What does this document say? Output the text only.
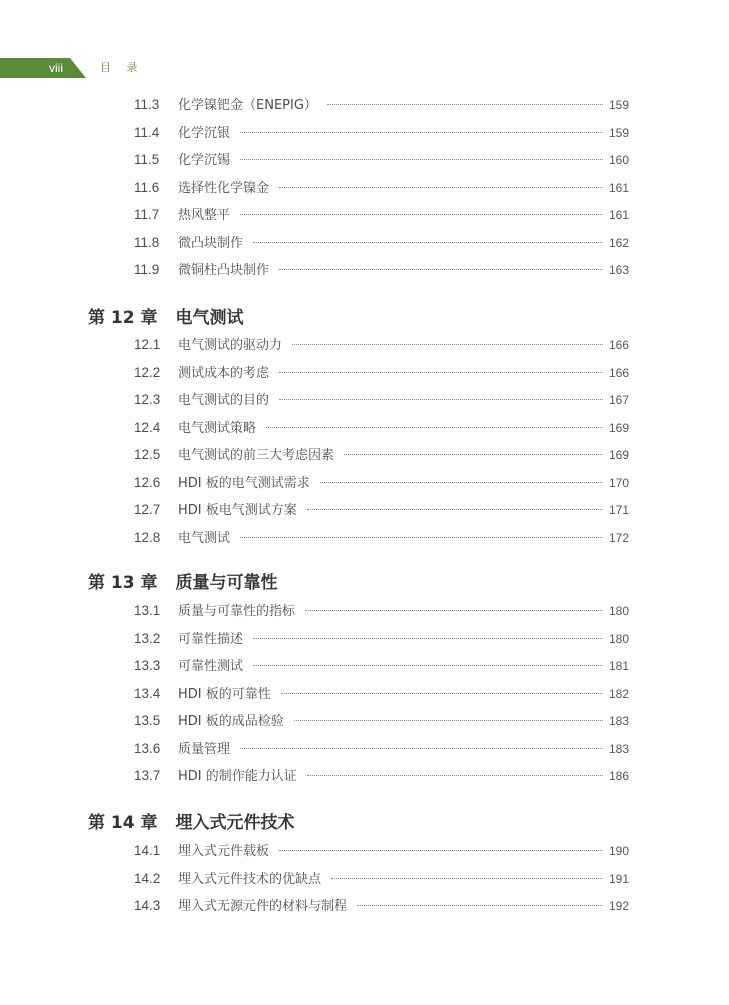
viii	目 录
11.3	化学镍钯金（ENEPIG）	159
11.4	化学沉银	159
11.5	化学沉锡	160
11.6	选择性化学镍金	161
11.7	热风整平	161
11.8	微凸块制作	162
11.9	微铜柱凸块制作	163
第 12 章 电气测试
12.1	电气测试的驱动力	166
12.2	测试成本的考虑	166
12.3	电气测试的目的	167
12.4	电气测试策略	169
12.5	电气测试的前三大考虑因素	169
12.6	HDI 板的电气测试需求	170
12.7	HDI 板电气测试方案	171
12.8	电气测试	172
第 13 章 质量与可靠性
13.1	质量与可靠性的指标	180
13.2	可靠性描述	180
13.3	可靠性测试	181
13.4	HDI 板的可靠性	182
13.5	HDI 板的成品检验	183
13.6	质量管理	183
13.7	HDI 的制作能力认证	186
第 14 章 埋入式元件技术
14.1	埋入式元件载板	190
14.2	埋入式元件技术的优缺点	191
14.3	埋入式无源元件的材料与制程	192
